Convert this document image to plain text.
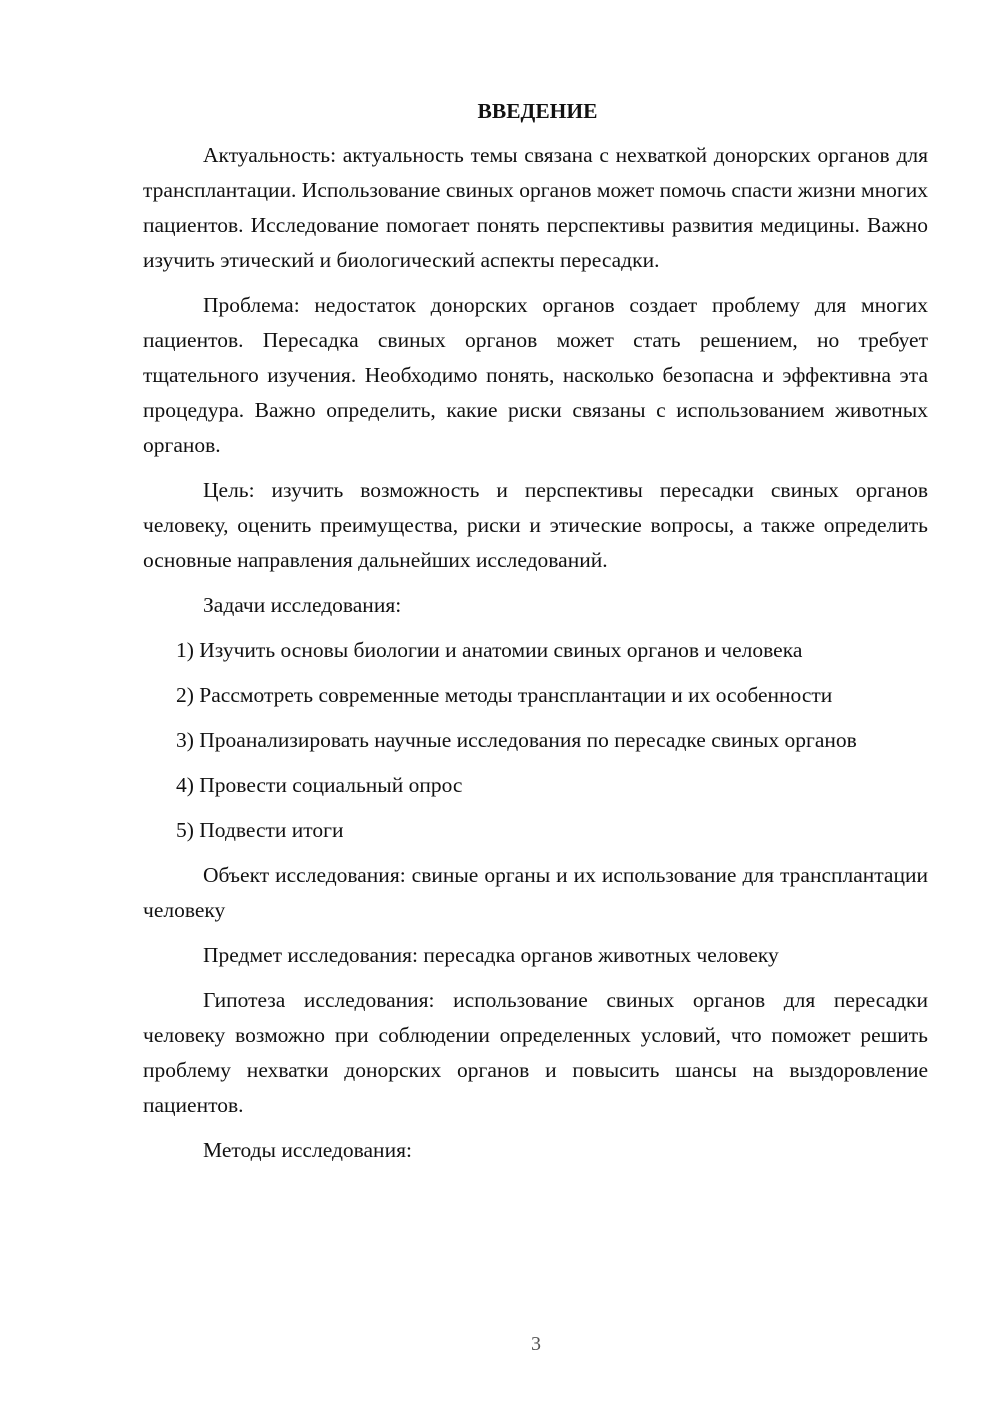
ВВЕДЕНИЕ

Актуальность: актуальность темы связана с нехваткой донорских органов для трансплантации. Использование свиных органов может помочь спасти жизни многих пациентов. Исследование помогает понять перспективы развития медицины. Важно изучить этический и биологический аспекты пересадки.

Проблема: недостаток донорских органов создает проблему для многих пациентов. Пересадка свиных органов может стать решением, но требует тщательного изучения. Необходимо понять, насколько безопасна и эффективна эта процедура. Важно определить, какие риски связаны с использованием животных органов.

Цель: изучить возможность и перспективы пересадки свиных органов человеку, оценить преимущества, риски и этические вопросы, а также определить основные направления дальнейших исследований.

Задачи исследования:

1) Изучить основы биологии и анатомии свиных органов и человека

2) Рассмотреть современные методы трансплантации и их особенности

3) Проанализировать научные исследования по пересадке свиных органов

4) Провести социальный опрос

5) Подвести итоги

Объект исследования: свиные органы и их использование для трансплантации человеку

Предмет исследования: пересадка органов животных человеку

Гипотеза исследования: использование свиных органов для пересадки человеку возможно при соблюдении определенных условий, что поможет решить проблему нехватки донорских органов и повысить шансы на выздоровление пациентов.

Методы исследования:

3
